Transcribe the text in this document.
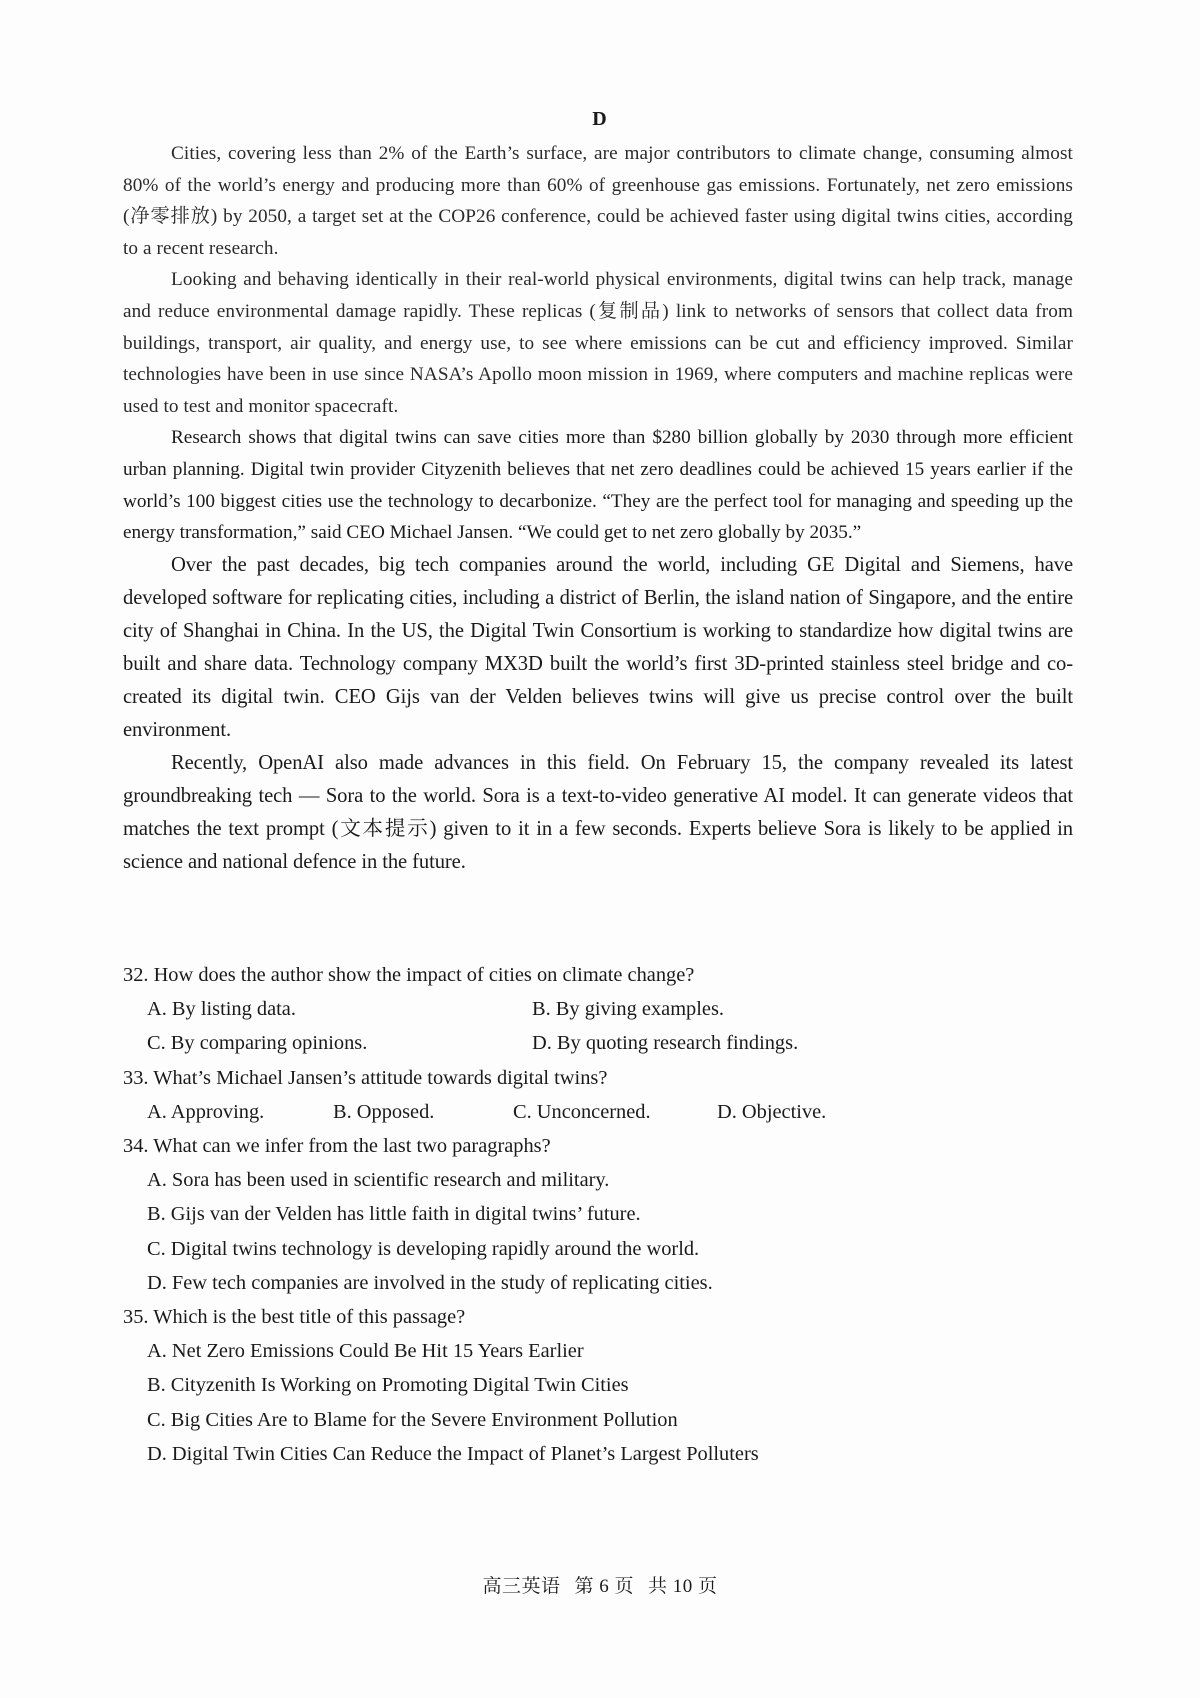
D

Cities, covering less than 2% of the Earth’s surface, are major contributors to climate change, consuming almost 80% of the world’s energy and producing more than 60% of greenhouse gas emissions. Fortunately, net zero emissions (净零排放) by 2050, a target set at the COP26 conference, could be achieved faster using digital twins cities, according to a recent research.

Looking and behaving identically in their real-world physical environments, digital twins can help track, manage and reduce environmental damage rapidly. These replicas (复制品) link to networks of sensors that collect data from buildings, transport, air quality, and energy use, to see where emissions can be cut and efficiency improved. Similar technologies have been in use since NASA’s Apollo moon mission in 1969, where computers and machine replicas were used to test and monitor spacecraft.

Research shows that digital twins can save cities more than $280 billion globally by 2030 through more efficient urban planning. Digital twin provider Cityzenith believes that net zero deadlines could be achieved 15 years earlier if the world’s 100 biggest cities use the technology to decarbonize. “They are the perfect tool for managing and speeding up the energy transformation,” said CEO Michael Jansen. “We could get to net zero globally by 2035.”

Over the past decades, big tech companies around the world, including GE Digital and Siemens, have developed software for replicating cities, including a district of Berlin, the island nation of Singapore, and the entire city of Shanghai in China. In the US, the Digital Twin Consortium is working to standardize how digital twins are built and share data. Technology company MX3D built the world’s first 3D-printed stainless steel bridge and co-created its digital twin. CEO Gijs van der Velden believes twins will give us precise control over the built environment.

Recently, OpenAI also made advances in this field. On February 15, the company revealed its latest groundbreaking tech — Sora to the world. Sora is a text-to-video generative AI model. It can generate videos that matches the text prompt (文本提示) given to it in a few seconds. Experts believe Sora is likely to be applied in science and national defence in the future.

32. How does the author show the impact of cities on climate change?

A. By listing data.	B. By giving examples.
C. By comparing opinions.	D. By quoting research findings.

33. What’s Michael Jansen’s attitude towards digital twins?

A. Approving.	B. Opposed.	C. Unconcerned.	D. Objective.

34. What can we infer from the last two paragraphs?

A. Sora has been used in scientific research and military.

B. Gijs van der Velden has little faith in digital twins’ future.

C. Digital twins technology is developing rapidly around the world.

D. Few tech companies are involved in the study of replicating cities.

35. Which is the best title of this passage?

A. Net Zero Emissions Could Be Hit 15 Years Earlier

B. Cityzenith Is Working on Promoting Digital Twin Cities

C. Big Cities Are to Blame for the Severe Environment Pollution

D. Digital Twin Cities Can Reduce the Impact of Planet’s Largest Polluters

高三英语 第 6 页 共 10 页
